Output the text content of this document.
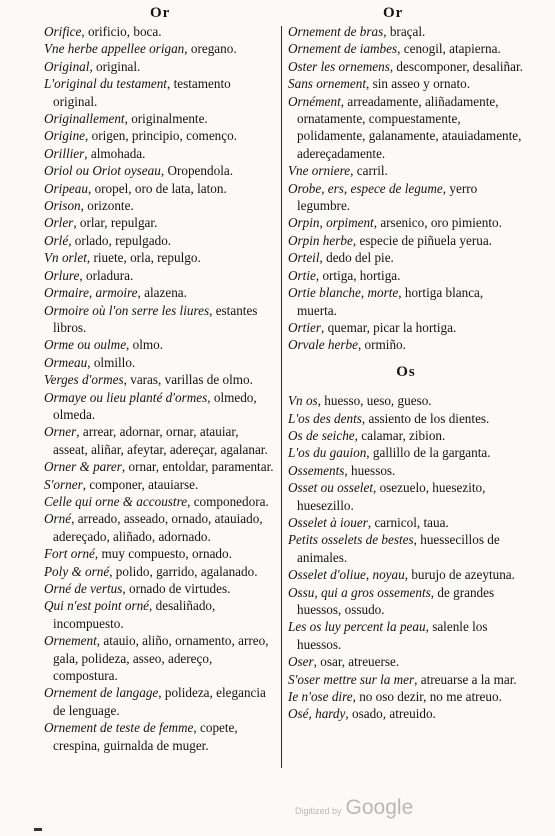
Or	Or

Orifice, orificio, boca.

Vne herbe appellee origan, oregano.

Original, original.

L'original du testament, testamento original.

Originallement, originalmente.

Origine, origen, principio, començo.

Orillier, almohada.

Oriol ou Oriot oyseau, Oropendola.

Oripeau, oropel, oro de lata, laton.

Orison, orizonte.

Orler, orlar, repulgar.

Orlé, orlado, repulgado.

Vn orlet, riuete, orla, repulgo.

Orlure, orladura.

Ormaire, armoire, alazena.

Ormoire où l'on serre les liures, estantes libros.

Orme ou oulme, olmo.

Ormeau, olmillo.

Verges d'ormes, varas, varillas de olmo.

Ormaye ou lieu planté d'ormes, olmedo, olmeda.

Orner, arrear, adornar, ornar, atauiar, asseat, aliñar, afeytar, adereçar, agalanar.

Orner & parer, ornar, entoldar, paramentar.

S'orner, componer, atauiarse.

Celle qui orne & accoustre, componedora.

Orné, arreado, asseado, ornado, atauiado, adereçado, aliñado, adornado.

Fort orné, muy compuesto, ornado.

Poly & orné, polido, garrido, agalanado.

Orné de vertus, ornado de virtudes.

Qui n'est point orné, desaliñado, incompuesto.

Ornement, atauio, aliño, ornamento, arreo, gala, polideza, asseo, adereço, compostura.

Ornement de langage, polideza, elegancia de lenguage.

Ornement de teste de femme, copete, crespina, guirnalda de muger.

Ornement de bras, braçal.

Ornement de iambes, cenogil, atapierna.

Oster les ornemens, descomponer, desaliñar.

Sans ornement, sin asseo y ornato.

Ornément, arreadamente, aliñadamente, ornatamente, compuestamente, polidamente, galanamente, atauiadamente, adereçadamente.

Vne orniere, carril.

Orobe, ers, espece de legume, yerro legumbre.

Orpin, orpiment, arsenico, oro pimiento.

Orpin herbe, especie de piñuela yerua.

Orteil, dedo del pie.

Ortie, ortiga, hortiga.

Ortie blanche, morte, hortiga blanca, muerta.

Ortier, quemar, picar la hortiga.

Orvale herbe, ormiño.

Os

Vn os, huesso, ueso, gueso.

L'os des dents, assiento de los dientes.

Os de seiche, calamar, zibion.

L'os du gauion, gallillo de la garganta.

Ossements, huessos.

Osset ou osselet, osezuelo, huesezito, huesezillo.

Osselet à iouer, carnicol, taua.

Petits osselets de bestes, huessecillos de animales.

Osselet d'oliue, noyau, burujo de azeytuna.

Ossu, qui a gros ossements, de grandes huessos, ossudo.

Les os luy percent la peau, salenle los huessos.

Oser, osar, atreuerse.

S'oser mettre sur la mer, atreuarse a la mar.

Ie n'ose dire, no oso dezir, no me atreuo.

Osé, hardy, osado, atreuido.

Digitized by Google
